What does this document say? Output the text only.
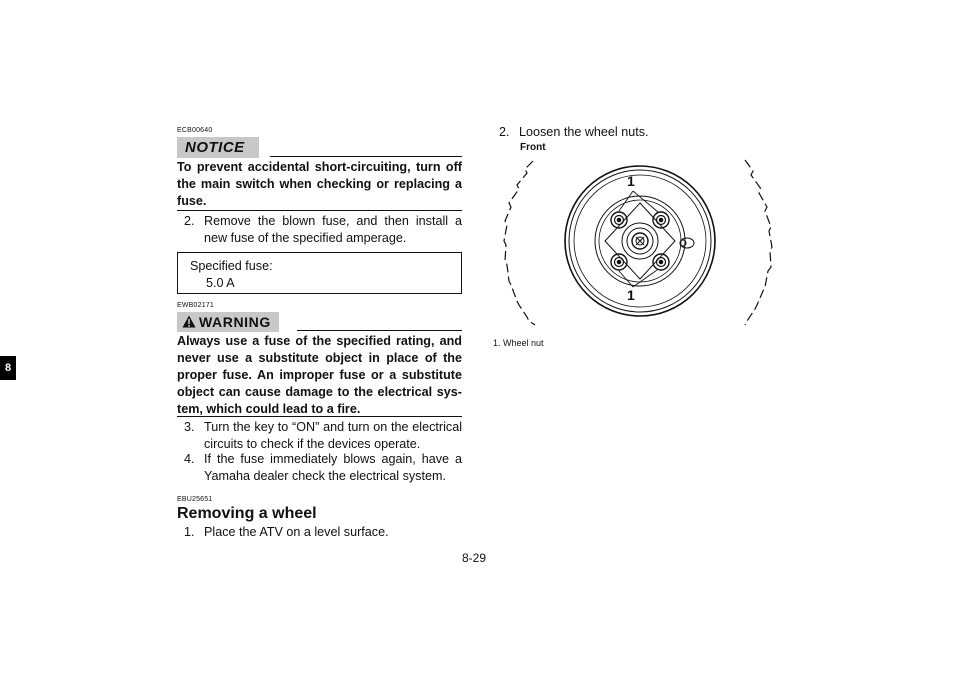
8
ECB00640
NOTICE
To prevent accidental short-circuiting, turn off the main switch when checking or replacing a fuse.
2. Remove the blown fuse, and then install a new fuse of the specified amperage.
Specified fuse:
5.0 A
EWB02171
WARNING
Always use a fuse of the specified rating, and never use a substitute object in place of the proper fuse. An improper fuse or a substitute object can cause damage to the electrical sys-tem, which could lead to a fire.
3. Turn the key to “ON” and turn on the electrical circuits to check if the devices operate.
4. If the fuse immediately blows again, have a Yamaha dealer check the electrical system.
EBU25651
Removing a wheel
1. Place the ATV on a level surface.
2. Loosen the wheel nuts.
Front
1
1
1. Wheel nut
8-29
